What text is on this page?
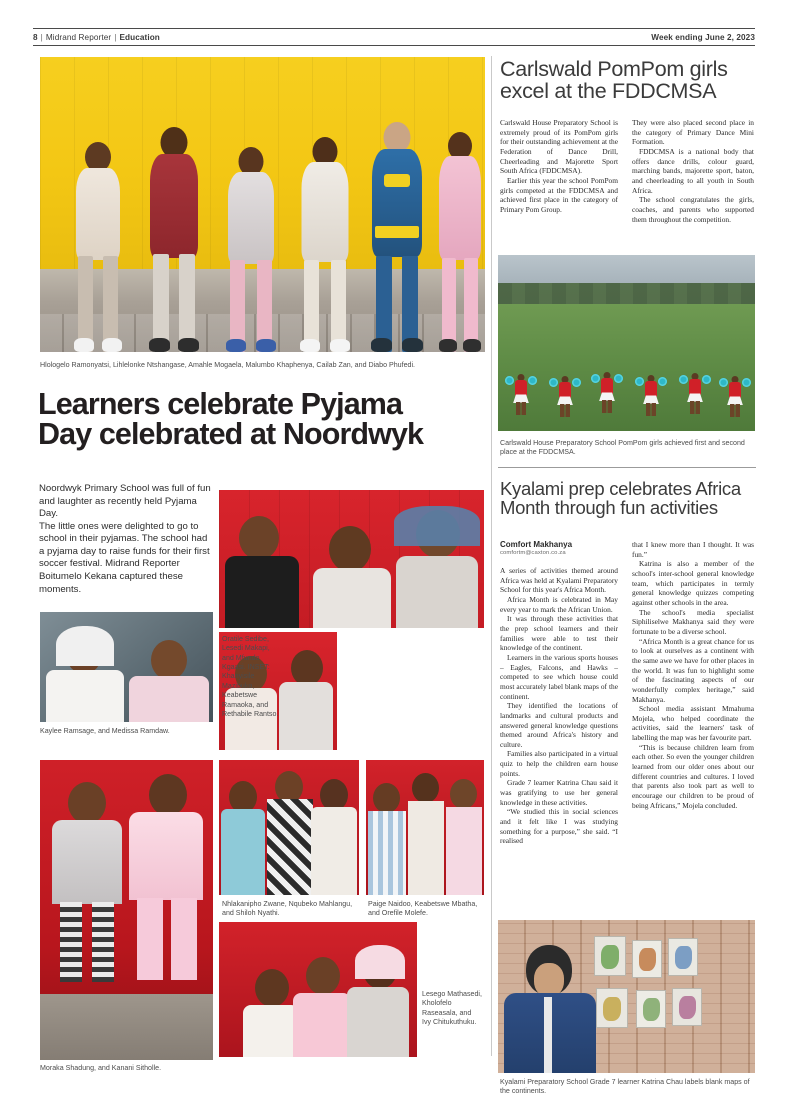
8 | Midrand Reporter | Education	Week ending June 2, 2023
Hlologelo Ramonyatsi, Lihlelonke Ntshangase, Amahle Mogaela, Malumbo Khaphenya, Cailab Zan, and Diabo Phufedi.
Learners celebrate Pyjama
Day celebrated at Noordwyk

Noordwyk Primary School was full of fun and laughter as recently held Pyjama Day.

The little ones were delighted to go to school in their pyjamas. The school had a pyjama day to raise funds for their first soccer festival. Midrand Reporter Boitumelo Kekana captured these moments.

Oratile Sedibe, Lesedi Makapi, and Mfundo Kgaasi. INSET: Khanyisile Mazibuko, Keabetswe Ramaoka, and Rethabile Rantso.
Kaylee Ramsage, and Medissa Ramdaw.
Moraka Shadung, and Kanani Sitholle.
Nhlakanipho Zwane, Nqubeko Mahlangu, and Shiloh Nyathi.
Paige Naidoo, Keabetswe Mbatha, and Orefile Molefe.
Lesego Mathasedi, Kholofelo Raseasala, and Ivy Chitukuthuku.
Carlswald PomPom girls
excel at the FDDCMSA

Carlswald House Preparatory School is extremely proud of its PomPom girls for their outstanding achievement at the Federation of Dance Drill, Cheerleading and Majorette Sport South Africa (FDDCMSA).

Earlier this year the school PomPom girls competed at the FDDCMSA and achieved first place in the category of Primary Pom Group.

They were also placed second place in the category of Primary Dance Mini Formation.

FDDCMSA is a national body that offers dance drills, colour guard, marching bands, majorette sport, baton, and cheerleading to all youth in South Africa.

The school congratulates the girls, coaches, and parents who supported them throughout the competition.

Carlswald House Preparatory School PomPom girls achieved first and second place at the FDDCMSA.
Kyalami prep celebrates Africa
Month through fun activities
Comfort Makhanya
comfortm@caxton.co.za

A series of activities themed around Africa was held at Kyalami Preparatory School for this year's Africa Month.

Africa Month is celebrated in May every year to mark the African Union.

It was through these activities that the prep school learners and their families were able to test their knowledge of the continent.

Learners in the various sports houses – Eagles, Falcons, and Hawks – competed to see which house could most accurately label blank maps of the continent.

They identified the locations of landmarks and cultural products and answered general knowledge questions themed around Africa's history and culture.

Families also participated in a virtual quiz to help the children earn house points.

Grade 7 learner Katrina Chau said it was gratifying to use her general knowledge in these activities.

“We studied this in social sciences and it felt like I was studying something for a purpose,” she said. “I realised

that I knew more than I thought. It was fun.”

Katrina is also a member of the school's inter-school general knowledge team, which participates in termly general knowledge quizzes competing against other schools in the area.

The school's media specialist Siphiliselwe Makhanya said they were fortunate to be a diverse school.

“Africa Month is a great chance for us to look at ourselves as a continent with the same awe we have for other places in the world. It was fun to highlight some of the fascinating aspects of our wonderfully complex heritage,” said Makhanya.

School media assistant Mmahuma Mojela, who helped coordinate the activities, said the learners' task of labelling the map was her favourite part.

“This is because children learn from each other. So even the younger children learned from our older ones about our different countries and cultures. I loved that parents also took part as well to encourage our children to be proud of being Africans,” Mojela concluded.

Kyalami Preparatory School Grade 7 learner Katrina Chau labels blank maps of the continents.
